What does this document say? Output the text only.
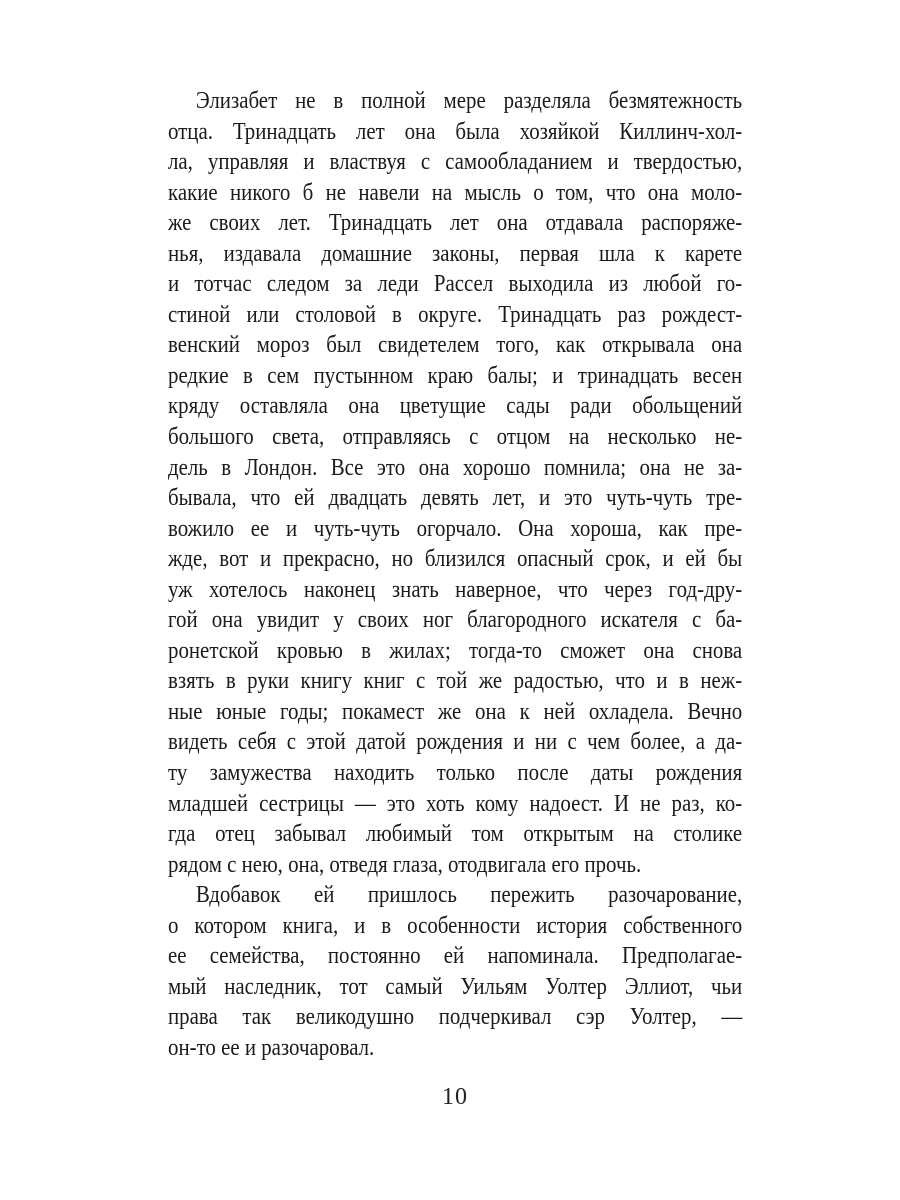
Элизабет не в полной мере разделяла безмятежность
отца. Тринадцать лет она была хозяйкой Киллинч-хол-
ла, управляя и властвуя с самообладанием и твердостью,
какие никого б не навели на мысль о том, что она моло-
же своих лет. Тринадцать лет она отдавала распоряже-
нья, издавала домашние законы, первая шла к карете
и тотчас следом за леди Рассел выходила из любой го-
стиной или столовой в округе. Тринадцать раз рождест-
венский мороз был свидетелем того, как открывала она
редкие в сем пустынном краю балы; и тринадцать весен
кряду оставляла она цветущие сады ради обольщений
большого света, отправляясь с отцом на несколько не-
дель в Лондон. Все это она хорошо помнила; она не за-
бывала, что ей двадцать девять лет, и это чуть-чуть тре-
вожило ее и чуть-чуть огорчало. Она хороша, как пре-
жде, вот и прекрасно, но близился опасный срок, и ей бы
уж хотелось наконец знать наверное, что через год-дру-
гой она увидит у своих ног благородного искателя с ба-
ронетской кровью в жилах; тогда-то сможет она снова
взять в руки книгу книг с той же радостью, что и в неж-
ные юные годы; покамест же она к ней охладела. Вечно
видеть себя с этой датой рождения и ни с чем более, а да-
ту замужества находить только после даты рождения
младшей сестрицы — это хоть кому надоест. И не раз, ко-
гда отец забывал любимый том открытым на столике
рядом с нею, она, отведя глаза, отодвигала его прочь.
Вдобавок ей пришлось пережить разочарование,
о котором книга, и в особенности история собственного
ее семейства, постоянно ей напоминала. Предполагае-
мый наследник, тот самый Уильям Уолтер Эллиот, чьи
права так великодушно подчеркивал сэр Уолтер, —
он-то ее и разочаровал.
10
